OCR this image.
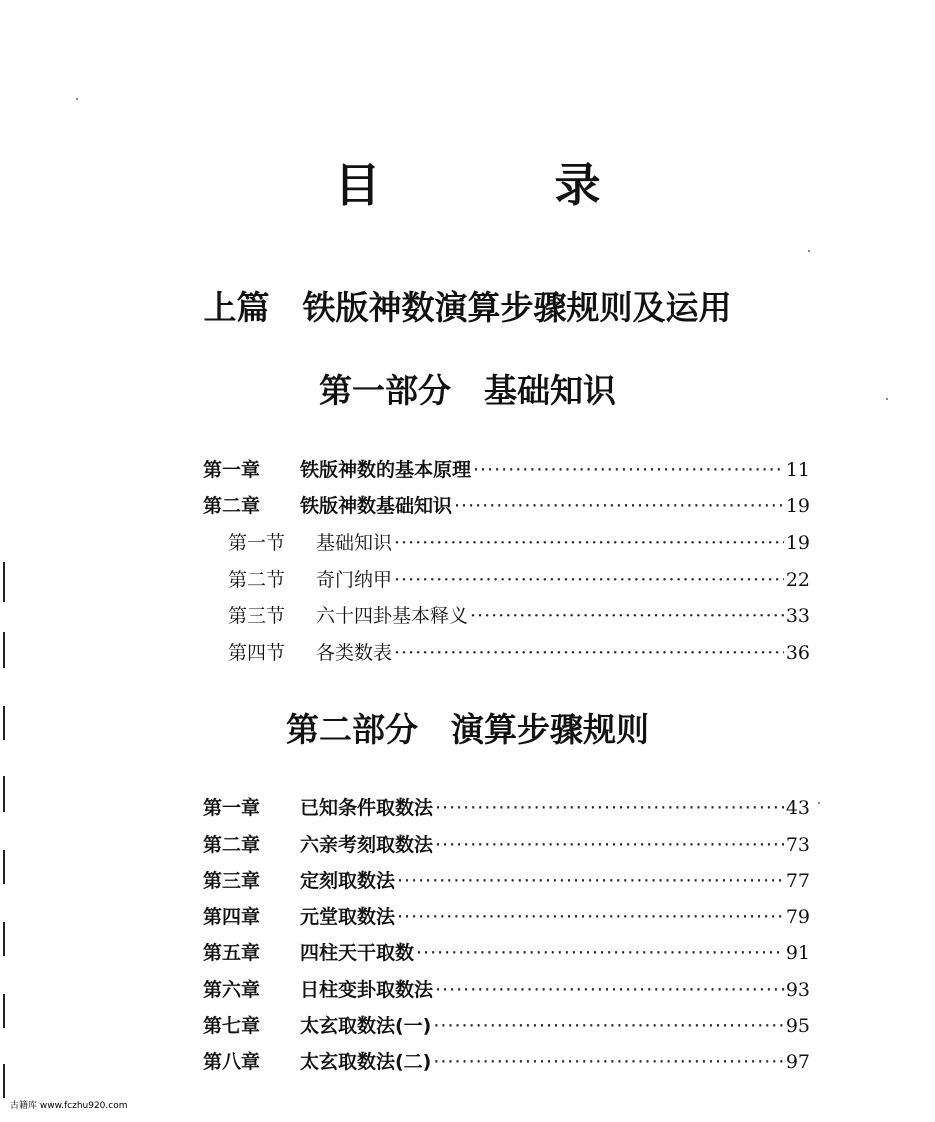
目　录
上篇　铁版神数演算步骤规则及运用
第一部分　基础知识
第一章	铁版神数的基本原理 ·····	11
第二章	铁版神数基础知识 ·····	19
第一节	基础知识 ·····	19
第二节	奇门纳甲 ·····	22
第三节	六十四卦基本释义 ·····	33
第四节	各类数表 ·····	36
第二部分　演算步骤规则
第一章	已知条件取数法 ·····	43
第二章	六亲考刻取数法 ·····	73
第三章	定刻取数法 ·····	77
第四章	元堂取数法 ·····	79
第五章	四柱天干取数 ·····	91
第六章	日柱变卦取数法 ·····	93
第七章	太玄取数法(一) ·····	95
第八章	太玄取数法(二) ·····	97
古籍库 www.fczhu920.com
